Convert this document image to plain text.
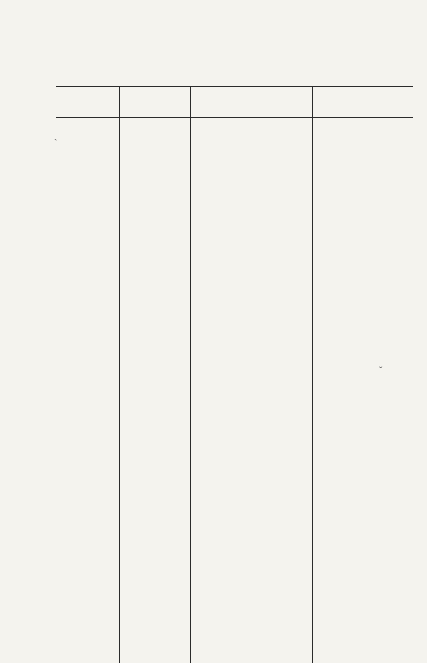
ˏ
ˇ
